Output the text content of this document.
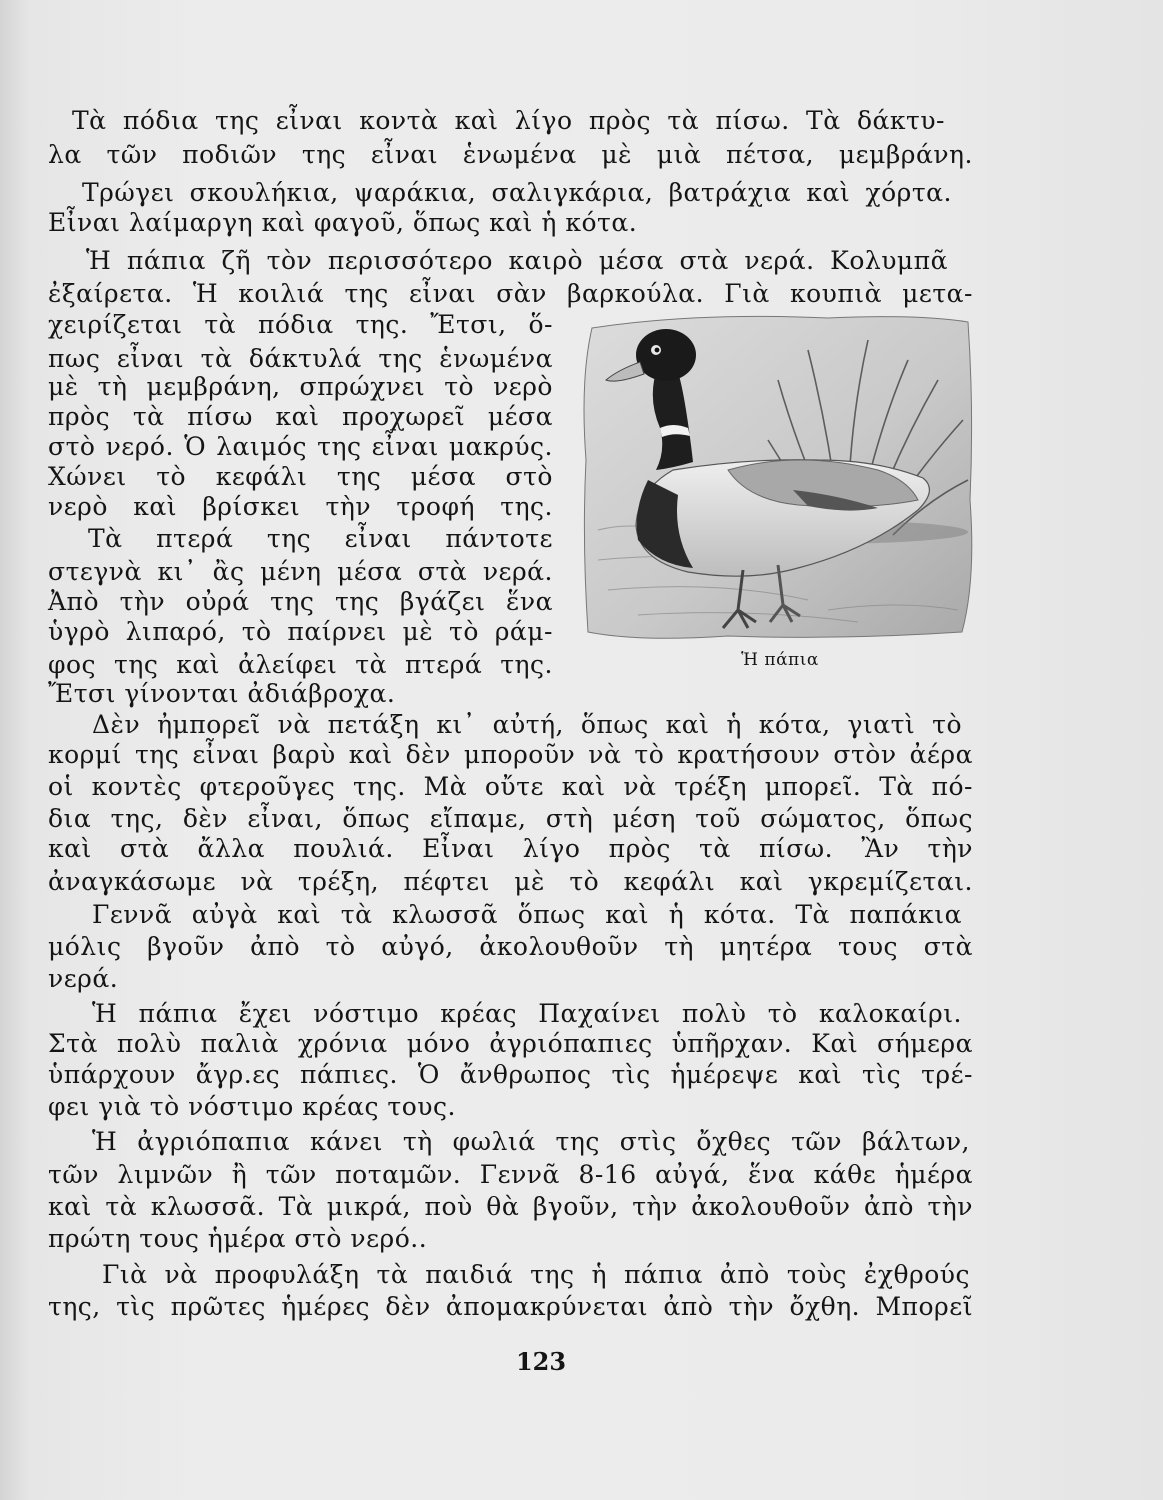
Τὰ πόδια της εἶναι κοντὰ καὶ λίγο πρὸς τὰ πίσω. Τὰ δάκτυ-
λα τῶν ποδιῶν της εἶναι ἑνωμένα μὲ μιὰ πέτσα, μεμβράνη.
Τρώγει σκουλήκια, ψαράκια, σαλιγκάρια, βατράχια καὶ χόρτα.
Εἶναι λαίμαργη καὶ φαγοῦ, ὅπως καὶ ἡ κότα.
Ἡ πάπια ζῆ τὸν περισσότερο καιρὸ μέσα στὰ νερά. Κολυμπᾶ
ἐξαίρετα. Ἡ κοιλιά της εἶναι σὰν βαρκούλα. Γιὰ κουπιὰ μετα-
χειρίζεται τὰ πόδια της. Ἔτσι, ὅ-
πως εἶναι τὰ δάκτυλά της ἑνωμένα
μὲ τὴ μεμβράνη, σπρώχνει τὸ νερὸ
πρὸς τὰ πίσω καὶ προχωρεῖ μέσα
στὸ νερό. Ὁ λαιμός της εἶναι μακρύς.
Χώνει τὸ κεφάλι της μέσα στὸ
νερὸ καὶ βρίσκει τὴν τροφή της.
Τὰ πτερά της εἶναι πάντοτε
στεγνὰ κι᾽ ἂς μένη μέσα στὰ νερά.
Ἀπὸ τὴν οὐρά της της βγάζει ἕνα
ὑγρὸ λιπαρό, τὸ παίρνει μὲ τὸ ράμ-
φος της καὶ ἀλείφει τὰ πτερά της.
Ἔτσι γίνονται ἀδιάβροχα.
Δὲν ἠμπορεῖ νὰ πετάξη κι᾽ αὐτή, ὅπως καὶ ἡ κότα, γιατὶ τὸ
κορμί της εἶναι βαρὺ καὶ δὲν μποροῦν νὰ τὸ κρατήσουν στὸν ἀέρα
οἱ κοντὲς φτεροῦγες της. Μὰ οὔτε καὶ νὰ τρέξη μπορεῖ. Τὰ πό-
δια της, δὲν εἶναι, ὅπως εἴπαμε, στὴ μέση τοῦ σώματος, ὅπως
καὶ στὰ ἄλλα πουλιά. Εἶναι λίγο πρὸς τὰ πίσω. Ἂν τὴν
ἀναγκάσωμε νὰ τρέξη, πέφτει μὲ τὸ κεφάλι καὶ γκρεμίζεται.
Γεννᾶ αὐγὰ καὶ τὰ κλωσσᾶ ὅπως καὶ ἡ κότα. Τὰ παπάκια
μόλις βγοῦν ἀπὸ τὸ αὐγό, ἀκολουθοῦν τὴ μητέρα τους στὰ
νερά.
Ἡ πάπια ἔχει νόστιμο κρέας Παχαίνει πολὺ τὸ καλοκαίρι.
Στὰ πολὺ παλιὰ χρόνια μόνο ἀγριόπαπιες ὑπῆρχαν. Καὶ σήμερα
ὑπάρχουν ἄγρ.ες πάπιες. Ὁ ἄνθρωπος τὶς ἡμέρεψε καὶ τὶς τρέ-
φει γιὰ τὸ νόστιμο κρέας τους.
Ἡ ἀγριόπαπια κάνει τὴ φωλιά της στὶς ὄχθες τῶν βάλτων,
τῶν λιμνῶν ἢ τῶν ποταμῶν. Γεννᾶ 8-16 αὐγά, ἕνα κάθε ἡμέρα
καὶ τὰ κλωσσᾶ. Τὰ μικρά, ποὺ θὰ βγοῦν, τὴν ἀκολουθοῦν ἀπὸ τὴν
πρώτη τους ἡμέρα στὸ νερό..
Γιὰ νὰ προφυλάξη τὰ παιδιά της ἡ πάπια ἀπὸ τοὺς ἐχθρούς
της, τὶς πρῶτες ἡμέρες δὲν ἀπομακρύνεται ἀπὸ τὴν ὄχθη. Μπορεῖ
Ἡ πάπια
123
